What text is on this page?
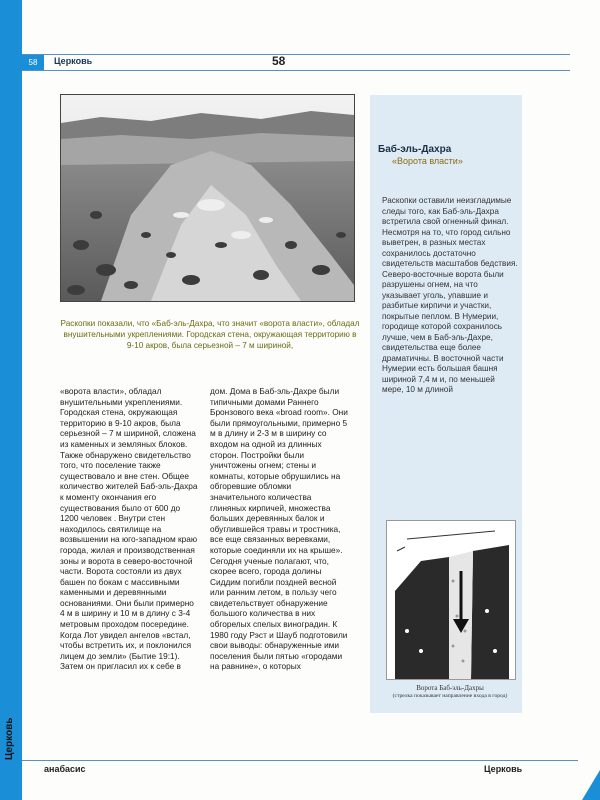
Церковь
58	Церковь	58
Раскопки показали, что «Баб-эль-Дахра, что значит «ворота власти», обладал внушительными укреплениями. Городская стена, окружающая территорию в 9-10 акров, была серьезной – 7 м шириной,

«ворота власти», обладал внушительными укреплениями. Городская стена, окружающая территорию в 9-10 акров, была серьезной – 7 м шириной, сложена из каменных и земляных блоков. Также обнаружено свидетельство того, что поселение также существовало и вне стен. Общее количество жителей Баб-эль-Дахра к моменту окончания его существования было от 600 до 1200 человек . Внутри стен находилось святилище на возвышении на юго-западном краю города, жилая и производственная зоны и ворота в северо-восточной части. Ворота состояли из двух башен по бокам с массивными каменными и деревянными основаниями. Они были примерно 4 м в ширину и 10 м в длину с 3-4 метровым проходом посередине. Когда Лот увидел ангелов «встал, чтобы встретить их, и поклонился лицем до земли» (Бытие 19:1). Затем он пригласил их к себе в

дом. Дома в Баб-эль-Дахре были типичными домами Раннего Бронзового века «broad room». Они были прямоугольными, примерно 5 м в длину и 2-3 м в ширину со входом на одной из длинных сторон. Постройки были уничтожены огнем; стены и комнаты, которые обрушились на обгоревшие обломки значительного количества глиняных кирпичей, множества больших деревянных балок и обуглившейся травы и тростника, все еще связанных веревками, которые соединяли их на крыше». Сегодня ученые полагают, что, скорее всего, города долины Сиддим погибли поздней весной или ранним летом, в пользу чего свидетельствует обнаружение большого количества в них обгорелых спелых виноградин. К 1980 году Рэст и Шауб подготовили свои выводы: обнаруженные ими поселения были пятью «городами на равнине», о которых

Баб-эль-Дахра
«Ворота власти»

Раскопки оставили неизгладимые следы того, как Баб-эль-Дахра встретила свой огненный финал. Несмотря на то, что город сильно выветрен, в разных местах сохранилось достаточно свидетельств масштабов бедствия. Северо-восточные ворота были разрушены огнем, на что указывает уголь, упавшие и разбитые кирпичи и участки, покрытые пеплом. В Нумерии, городище которой сохранилось лучше, чем в Баб-эль-Дахре, свидетельства еще более драматичны. В восточной части Нумерии есть большая башня шириной 7,4 м и, по меньшей мере, 10 м длиной

Ворота Баб-эль-Дахры
(стрелка показывает направление входа в город)
анабасис	Церковь
